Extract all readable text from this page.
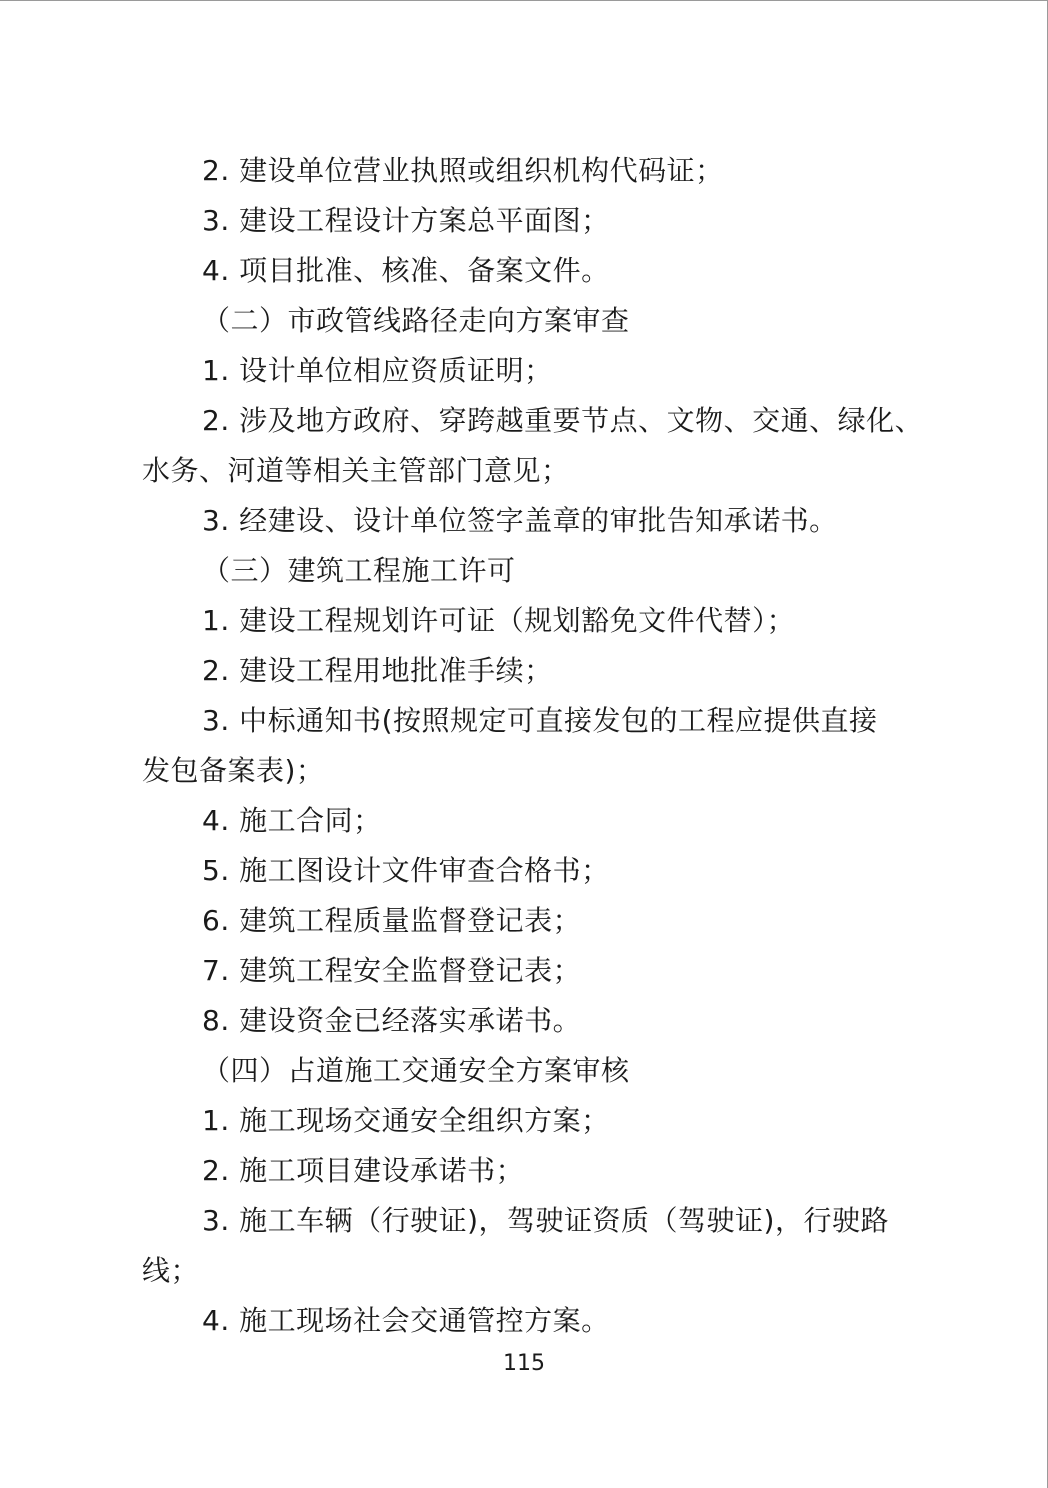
2. 建设单位营业执照或组织机构代码证；
3. 建设工程设计方案总平面图；
4. 项目批准、核准、备案文件。
（二）市政管线路径走向方案审查
1. 设计单位相应资质证明；
2. 涉及地方政府、穿跨越重要节点、文物、交通、绿化、
水务、河道等相关主管部门意见；
3. 经建设、设计单位签字盖章的审批告知承诺书。
（三）建筑工程施工许可
1. 建设工程规划许可证（规划豁免文件代替）；
2. 建设工程用地批准手续；
3. 中标通知书(按照规定可直接发包的工程应提供直接
发包备案表)；
4. 施工合同；
5. 施工图设计文件审查合格书；
6. 建筑工程质量监督登记表；
7. 建筑工程安全监督登记表；
8. 建设资金已经落实承诺书。
（四）占道施工交通安全方案审核
1. 施工现场交通安全组织方案；
2. 施工项目建设承诺书；
3. 施工车辆（行驶证)，驾驶证资质（驾驶证)，行驶路
线；
4. 施工现场社会交通管控方案。
115
